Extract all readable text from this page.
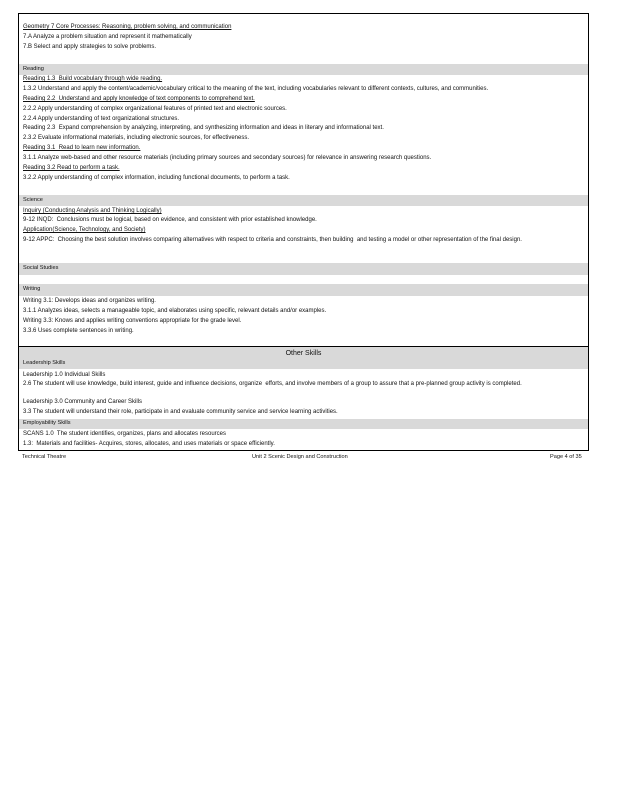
Geometry 7 Core Processes: Reasoning, problem solving, and communication
7.A Analyze a problem situation and represent it mathematically
7.B Select and apply strategies to solve problems.
Reading
Reading 1.3  Build vocabulary through wide reading.
1.3.2 Understand and apply the content/academic/vocabulary critical to the meaning of the text, including vocabularies relevant to different contexts, cultures, and communities.
Reading 2.2  Understand and apply knowledge of text components to comprehend text.
2.2.2 Apply understanding of complex organizational features of printed text and electronic sources.
2.2.4 Apply understanding of text organizational structures.
Reading 2.3  Expand comprehension by analyzing, interpreting, and synthesizing information and ideas in literary and informational text.
2.3.2 Evaluate informational materials, including electronic sources, for effectiveness.
Reading 3.1  Read to learn new information.
3.1.1 Analyze web-based and other resource materials (including primary sources and secondary sources) for relevance in answering research questions.
Reading 3.2 Read to perform a task.
3.2.2 Apply understanding of complex information, including functional documents, to perform a task.
Science
Inquiry (Conducting Analysis and Thinking Logically)
9-12 INQD:  Conclusions must be logical, based on evidence, and consistent with prior established knowledge.
Application(Science, Technology, and Society)
9-12 APPC:  Choosing the best solution involves comparing alternatives with respect to criteria and constraints, then building  and testing a model or other representation of the final design.
Social Studies
Writing
Writing 3.1: Develops ideas and organizes writing.
3.1.1 Analyzes ideas, selects a manageable topic, and elaborates using specific, relevant details and/or examples.
Writing 3.3: Knows and applies writing conventions appropriate for the grade level.
3.3.6 Uses complete sentences in writing.
Other Skills
Leadership Skills
Leadership 1.0 Individual Skills
2.6 The student will use knowledge, build interest, guide and influence decisions, organize  efforts, and involve members of a group to assure that a pre-planned group activity is completed.
Leadership 3.0 Community and Career Skills
3.3 The student will understand their role, participate in and evaluate community service and service learning activities.
Employability Skills
SCANS 1.0  The student identifies, organizes, plans and allocates resources
1.3:  Materials and facilities- Acquires, stores, allocates, and uses materials or space efficiently.
Technical Theatre	Unit 2 Scenic Design and Construction	Page 4 of 35
